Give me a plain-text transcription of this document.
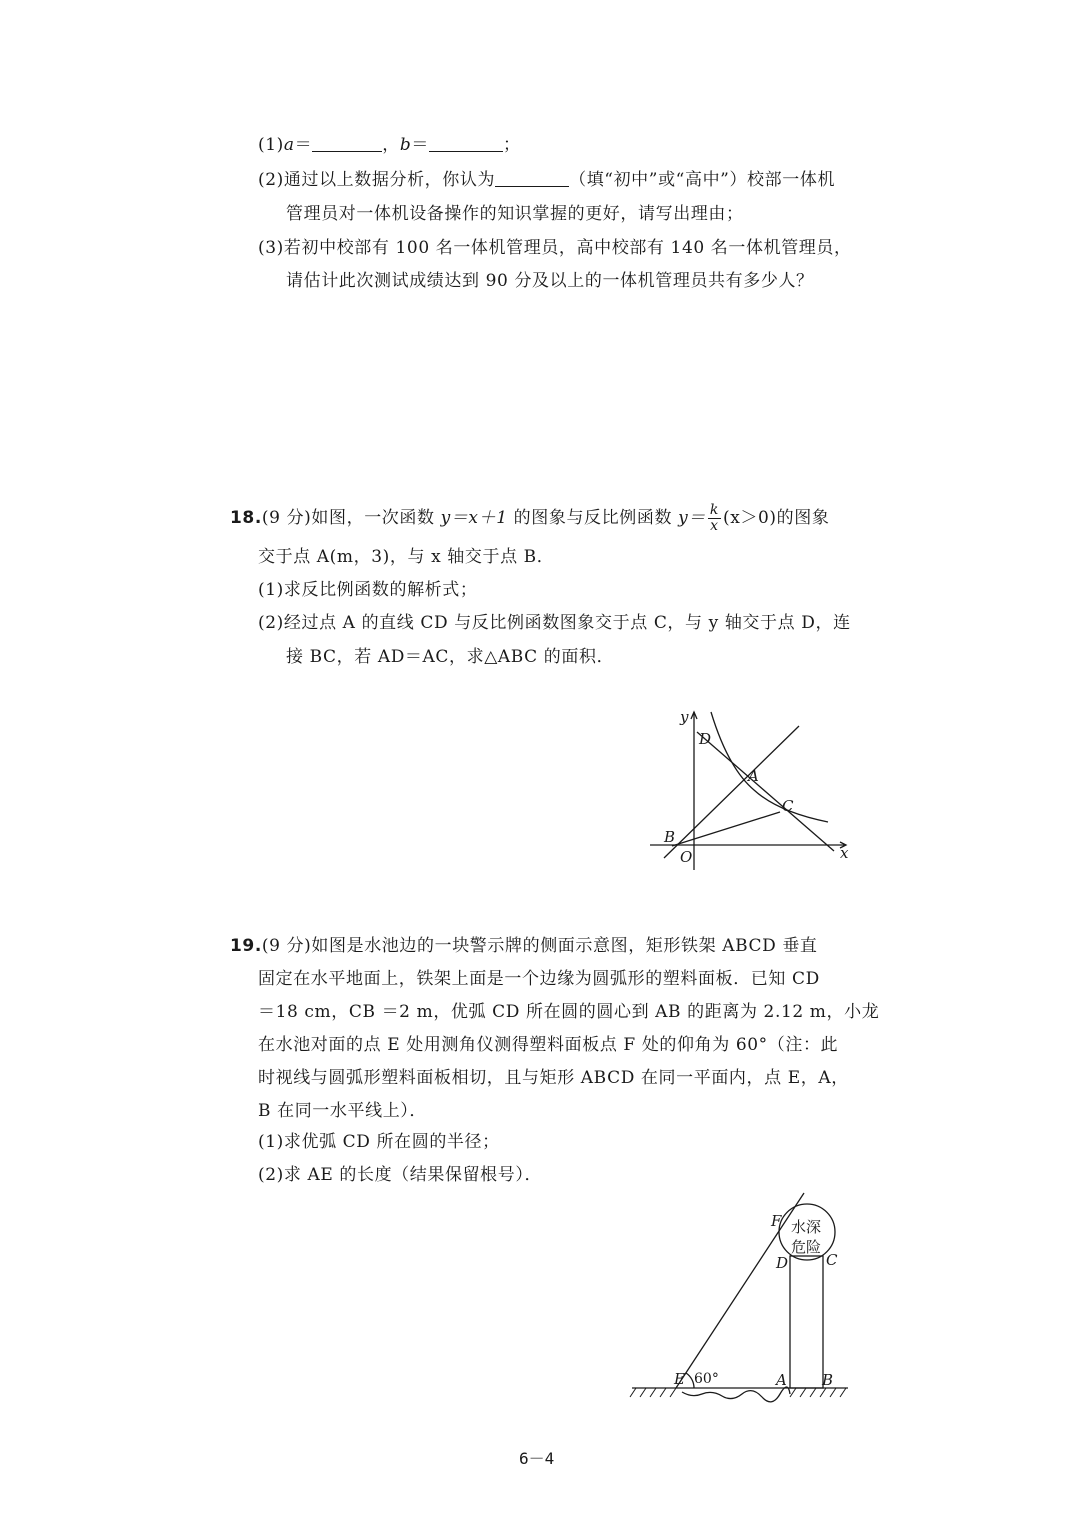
(1)a＝	，b＝	；
(2)通过以上数据分析，你认为	（填“初中”或“高中”）校部一体机
管理员对一体机设备操作的知识掌握的更好，请写出理由；
(3)若初中校部有 100 名一体机管理员，高中校部有 140 名一体机管理员，
请估计此次测试成绩达到 90 分及以上的一体机管理员共有多少人？
18.(9 分)如图，一次函数 y＝x＋1 的图象与反比例函数 $y= \frac{k}{x} (x>0)$的图象
交于点 A(m，3)，与 x 轴交于点 B．
(1)求反比例函数的解析式；
(2)经过点 A 的直线 CD 与反比例函数图象交于点 C，与 y 轴交于点 D，连
接 BC，若 AD＝AC，求△ABC 的面积．
y
x
D
A
C
B
O
19.(9 分)如图是水池边的一块警示牌的侧面示意图，矩形铁架 ABCD 垂直
固定在水平地面上，铁架上面是一个边缘为圆弧形的塑料面板．已知 CD
＝18 cm，CB ＝2 m，优弧 CD 所在圆的圆心到 AB 的距离为 2.12 m，小龙
在水池对面的点 E 处用测角仪测得塑料面板点 F 处的仰角为 60°（注：此
时视线与圆弧形塑料面板相切，且与矩形 ABCD 在同一平面内，点 E，A，
B 在同一水平线上）．
(1)求优弧 CD 所在圆的半径；
(2)求 AE 的长度（结果保留根号）．
水深
危险
F
D	C
E	A B
60°
6－4
